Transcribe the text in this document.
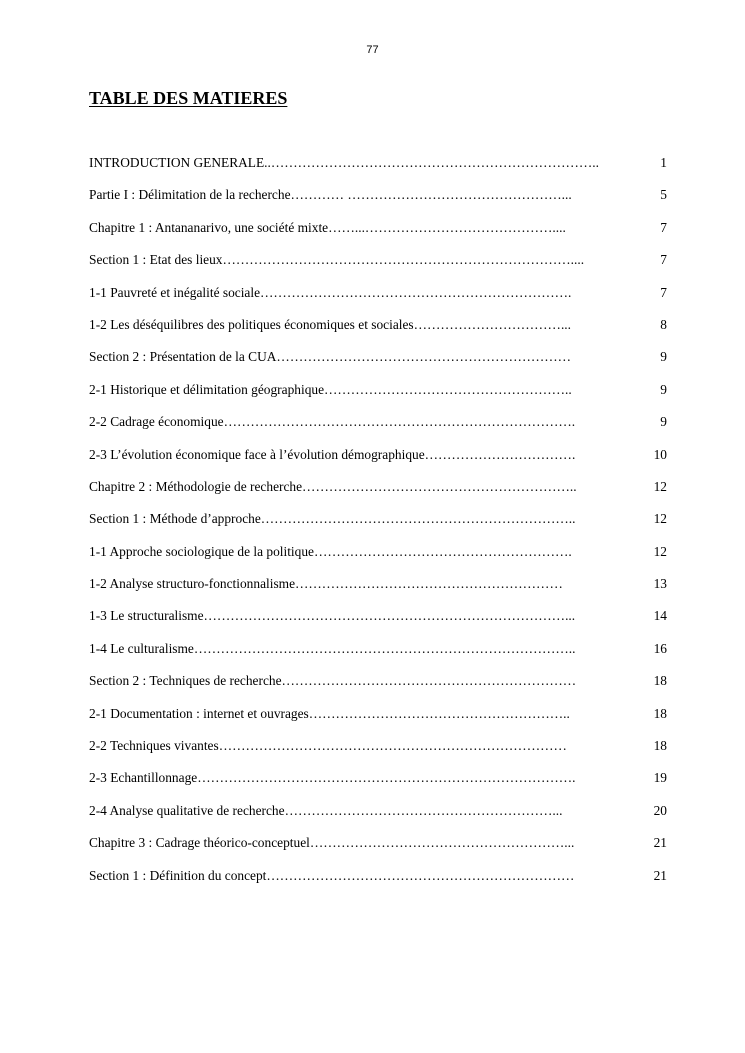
77
TABLE DES MATIERES
INTRODUCTION GENERALE..………………………………………………………………..	1
Partie I : Délimitation de la recherche………… …………………………………………...	5
Chapitre 1 : Antananarivo, une société mixte……...……………………………………....	7
Section 1 : Etat des lieux……………………………………………………………………....	7
1-1 Pauvreté et inégalité sociale…………………………………………………………….	7
1-2 Les déséquilibres des politiques économiques et sociales……………………………...	8
Section 2 : Présentation de la CUA…………………………………………………………	9
2-1 Historique et délimitation géographique………………………………………………..	9
2-2 Cadrage économique…………………………………………………………………….	9
2-3 L’évolution économique face à l’évolution démographique…………………………….	10
Chapitre 2 : Méthodologie de recherche……………………………………………………..	12
Section 1 : Méthode d’approche……………………………………………………………..	12
1-1 Approche sociologique de la politique………………………………………………….	12
1-2 Analyse structuro-fonctionnalisme……………………………………………………	13
1-3 Le structuralisme………………………………………………………………………...	14
1-4 Le culturalisme…………………………………………………………………………..	16
Section 2 : Techniques de recherche…………………………………………………………	18
2-1 Documentation : internet et ouvrages…………………………………………………..	18
2-2 Techniques vivantes……………………………………………………………………	18
2-3 Echantillonnage………………………………………………………………………….	19
2-4 Analyse qualitative de recherche……………………………………………………...	20
Chapitre 3 : Cadrage théorico-conceptuel…………………………………………………...	21
Section 1 : Définition du concept……………………………………………………………	21
